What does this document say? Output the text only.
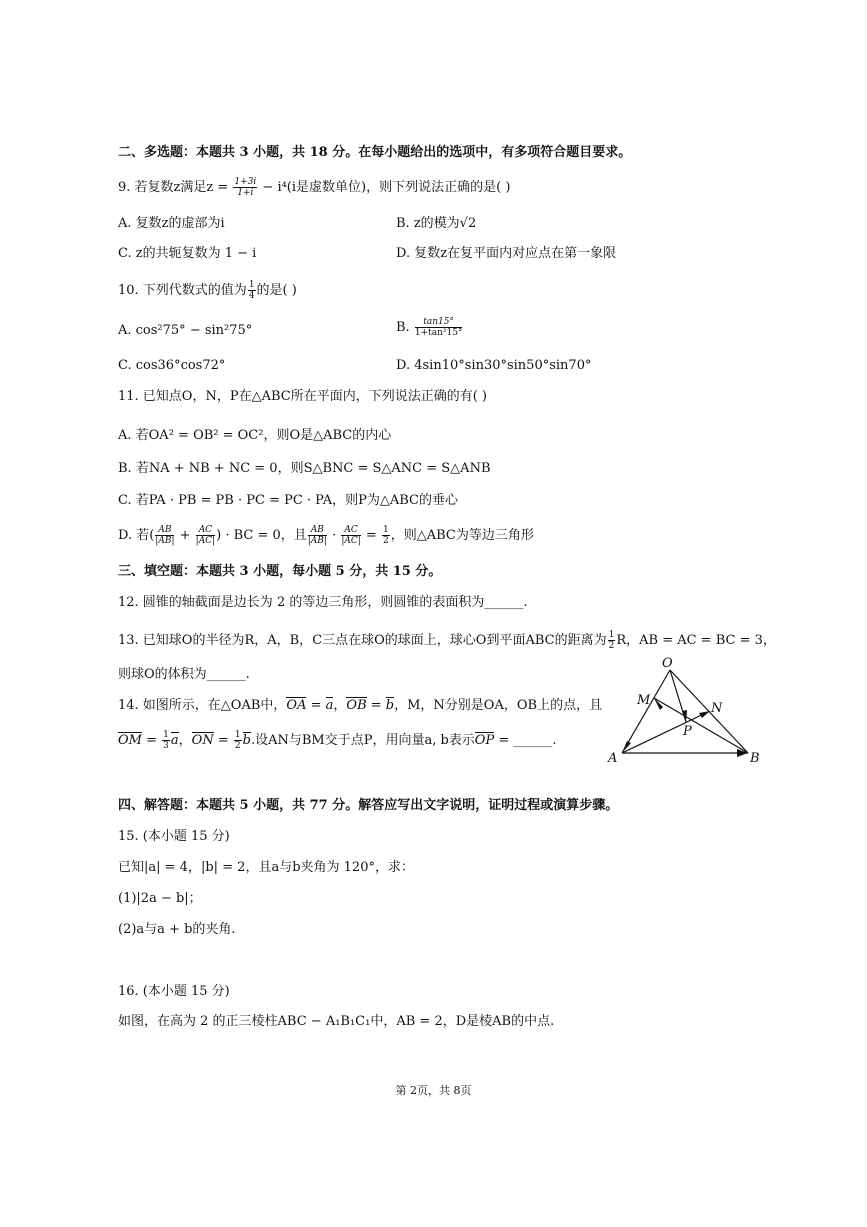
二、多选题：本题共 3 小题，共 18 分。在每小题给出的选项中，有多项符合题目要求。
9. 若复数z满足$z = \frac{1+3i}{1+i} - i^4(i$是虚数单位)，则下列说法正确的是( )
A. 复数z的虚部为i	B. z的模为√2
C. z的共轭复数为 1 − i	D. 复数z在复平面内对应点在第一象限
10. 下列代数式的值为 $\frac{1}{4}$ 的是( )
A. cos²75° − sin²75°	B. $\frac{\tan 15^\circ}{\text{1+tan²15°}}$
C. cos36°cos72°	D. 4sin10°sin30°sin50°sin70°
11. 已知点O，N，P在△ABC所在平面内，下列说法正确的有( )
A. 若OA² = OB² = OC²，则O是△ABC的内心
B. 若NA + NB + NC = 0，则S△BNC = S△ANC = S△ANB
C. 若PA · PB = PB · PC = PC · PA，则P为△ABC的垂心
D. 若( $\frac{AB}{|AB|} + \frac{AC}{|AC|}$ ) · BC = 0，且 $\frac{AB}{|AB|} \cdot \frac{AC}{|AC|} = \frac{1}{2}$ ，则△ABC为等边三角形
三、填空题：本题共 3 小题，每小题 5 分，共 15 分。
12. 圆锥的轴截面是边长为 2 的等边三角形，则圆锥的表面积为______.
13. 已知球O的半径为R，A，B，C三点在球O的球面上，球心O到平面ABC的距离为 $\frac{1}{2}$ R，AB = AC = BC = 3，
则球O的体积为______.
14. 如图所示，在△OAB中，OA = a，OB = b，M，N分别是OA，OB上的点，且
OM = $\frac{1}{3}$ a，ON = $\frac{1}{2} b$.设AN与BM交于点P，用向量a, b表示OP = ______.
O
M
N
P
A	B
四、解答题：本题共 5 小题，共 77 分。解答应写出文字说明，证明过程或演算步骤。
15. (本小题 15 分)
已知|a| = 4，|b| = 2，且a与b夹角为 120°，求：
(1)|2a − b|；
(2)a与a + b的夹角.
16. (本小题 15 分)
如图，在高为 2 的正三棱柱ABC − A₁B₁C₁中，AB = 2，D是棱AB的中点.
第 2页，共 8页
